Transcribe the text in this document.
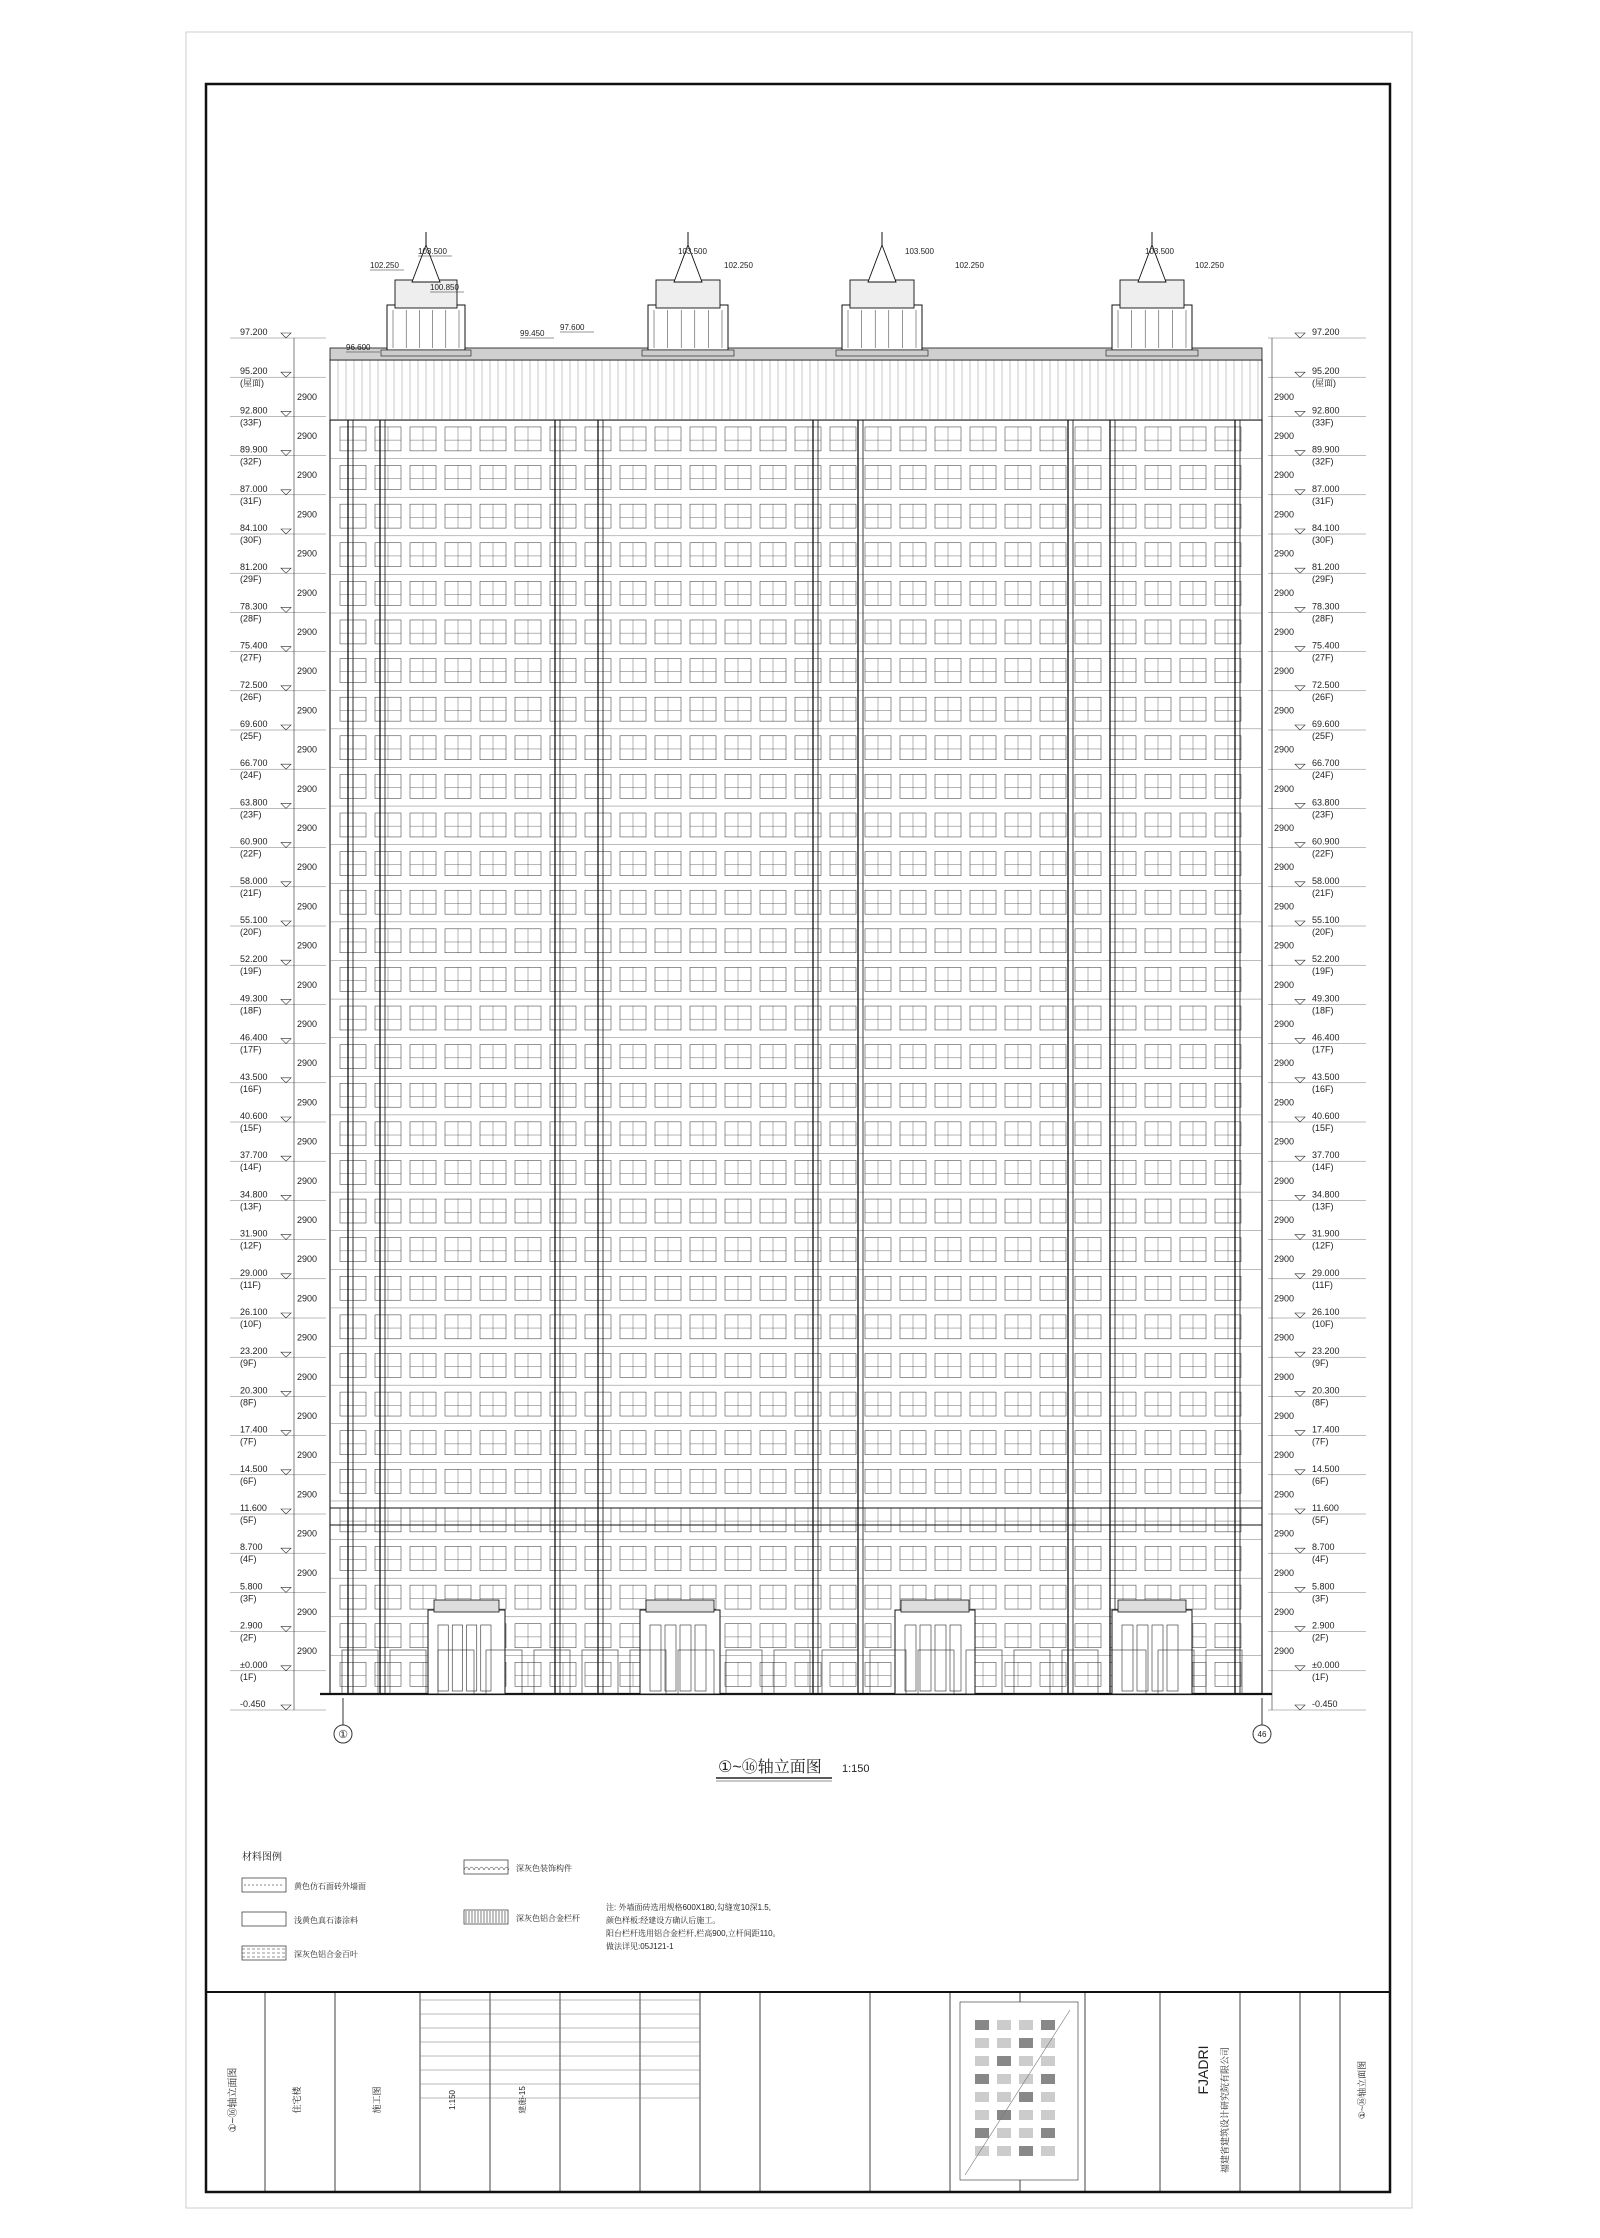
97.200
95.200
(屋面)
92.800
(33F)
2900
89.900
(32F)
2900
87.000
(31F)
2900
84.100
(30F)
2900
81.200
(29F)
2900
78.300
(28F)
2900
75.400
(27F)
2900
72.500
(26F)
2900
69.600
(25F)
2900
66.700
(24F)
2900
63.800
(23F)
2900
60.900
(22F)
2900
58.000
(21F)
2900
55.100
(20F)
2900
52.200
(19F)
2900
49.300
(18F)
2900
46.400
(17F)
2900
43.500
(16F)
2900
40.600
(15F)
2900
37.700
(14F)
2900
34.800
(13F)
2900
31.900
(12F)
2900
29.000
(11F)
2900
26.100
(10F)
2900
23.200
(9F)
2900
20.300
(8F)
2900
17.400
(7F)
2900
14.500
(6F)
2900
11.600
(5F)
2900
8.700
(4F)
2900
5.800
(3F)
2900
2.900
(2F)
2900
±0.000
(1F)
2900
-0.450
97.200
95.200
(屋面)
92.800
(33F)
2900
89.900
(32F)
2900
87.000
(31F)
2900
84.100
(30F)
2900
81.200
(29F)
2900
78.300
(28F)
2900
75.400
(27F)
2900
72.500
(26F)
2900
69.600
(25F)
2900
66.700
(24F)
2900
63.800
(23F)
2900
60.900
(22F)
2900
58.000
(21F)
2900
55.100
(20F)
2900
52.200
(19F)
2900
49.300
(18F)
2900
46.400
(17F)
2900
43.500
(16F)
2900
40.600
(15F)
2900
37.700
(14F)
2900
34.800
(13F)
2900
31.900
(12F)
2900
29.000
(11F)
2900
26.100
(10F)
2900
23.200
(9F)
2900
20.300
(8F)
2900
17.400
(7F)
2900
14.500
(6F)
2900
11.600
(5F)
2900
8.700
(4F)
2900
5.800
(3F)
2900
2.900
(2F)
2900
±0.000
(1F)
2900
-0.450
103.500
102.250
100.850
97.600
96.600
99.450
103.500
102.250
103.500
102.250
103.500
102.250
①	46
①~⑯轴立面图 1:150
材料图例
黄色仿石面砖外墙面
浅黄色真石漆涂料
深灰色铝合金百叶
深灰色装饰构件
深灰色铝合金栏杆
注: 外墙面砖选用规格600X180,勾缝宽10深1.5,
颜色样板:经建设方确认后施工。
阳台栏杆选用铝合金栏杆,栏高900,立杆间距110。
做法详见:05J121-1
①~⑯轴立面图	住宅楼	施工图	1:150	建施-15
FJADRI 福建省建筑设计研究院有限公司	①~⑯轴立面图
